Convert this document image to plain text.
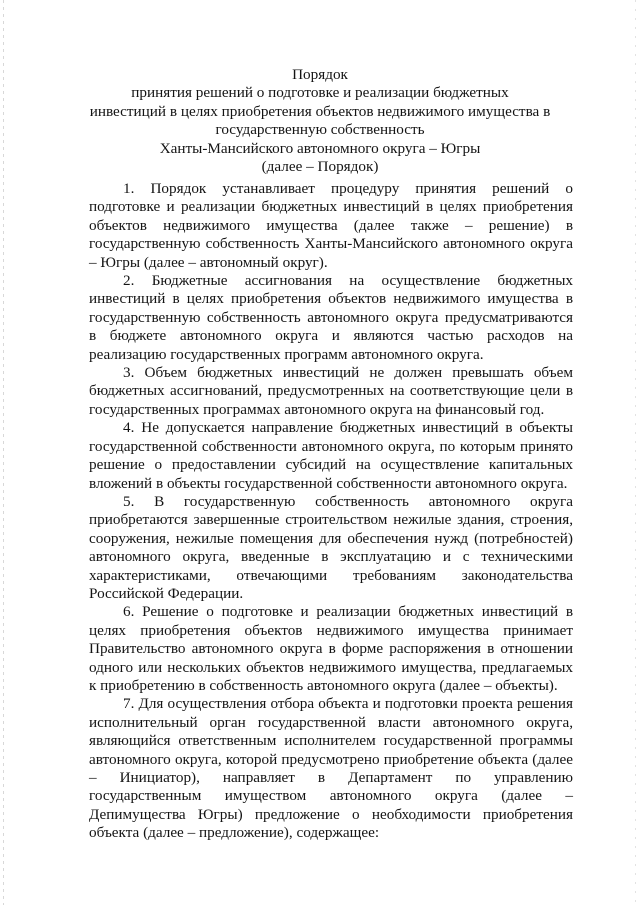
Порядок
принятия решений о подготовке и реализации бюджетных
инвестиций в целях приобретения объектов недвижимого имущества в
государственную собственность
Ханты-Мансийского автономного округа – Югры
(далее – Порядок)

1. Порядок устанавливает процедуру принятия решений о подготовке и реализации бюджетных инвестиций в целях приобретения объектов недвижимого имущества (далее также – решение) в государственную собственность Ханты-Мансийского автономного округа – Югры (далее – автономный округ).

2. Бюджетные ассигнования на осуществление бюджетных инвестиций в целях приобретения объектов недвижимого имущества в государственную собственность автономного округа предусматриваются в бюджете автономного округа и являются частью расходов на реализацию государственных программ автономного округа.

3. Объем бюджетных инвестиций не должен превышать объем бюджетных ассигнований, предусмотренных на соответствующие цели в государственных программах автономного округа на финансовый год.

4. Не допускается направление бюджетных инвестиций в объекты государственной собственности автономного округа, по которым принято решение о предоставлении субсидий на осуществление капитальных вложений в объекты государственной собственности автономного округа.

5. В государственную собственность автономного округа приобретаются завершенные строительством нежилые здания, строения, сооружения, нежилые помещения для обеспечения нужд (потребностей) автономного округа, введенные в эксплуатацию и с техническими характеристиками, отвечающими требованиям законодательства Российской Федерации.

6. Решение о подготовке и реализации бюджетных инвестиций в целях приобретения объектов недвижимого имущества принимает Правительство автономного округа в форме распоряжения в отношении одного или нескольких объектов недвижимого имущества, предлагаемых к приобретению в собственность автономного округа (далее – объекты).

7. Для осуществления отбора объекта и подготовки проекта решения исполнительный орган государственной власти автономного округа, являющийся ответственным исполнителем государственной программы автономного округа, которой предусмотрено приобретение объекта (далее – Инициатор), направляет в Департамент по управлению государственным имуществом автономного округа (далее – Депимущества Югры) предложение о необходимости приобретения объекта (далее – предложение), содержащее:
